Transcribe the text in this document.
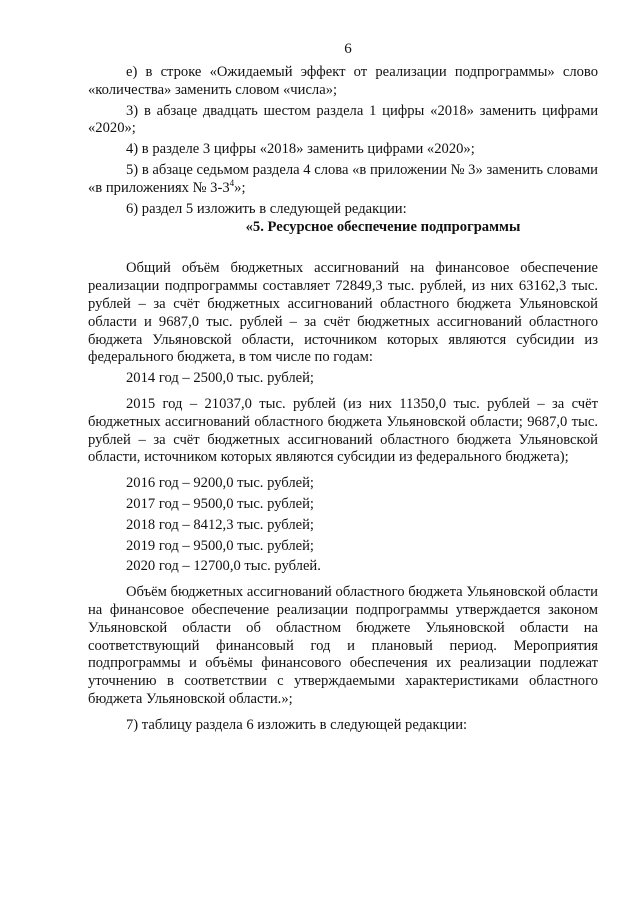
6

е) в строке «Ожидаемый эффект от реализации подпрограммы» слово «количества» заменить словом «числа»;

3) в абзаце двадцать шестом раздела 1 цифры «2018» заменить цифрами «2020»;

4) в разделе 3 цифры «2018» заменить цифрами «2020»;

5) в абзаце седьмом раздела 4 слова «в приложении № 3» заменить словами «в приложениях № $3-3^4$»;

6) раздел 5 изложить в следующей редакции:

«5. Ресурсное обеспечение подпрограммы

Общий объём бюджетных ассигнований на финансовое обеспечение реализации подпрограммы составляет 72849,3 тыс. рублей, из них 63162,3 тыс. рублей – за счёт бюджетных ассигнований областного бюджета Ульяновской области и 9687,0 тыс. рублей – за счёт бюджетных ассигнований областного бюджета Ульяновской области, источником которых являются субсидии из федерального бюджета, в том числе по годам:

2014 год – 2500,0 тыс. рублей;

2015 год – 21037,0 тыс. рублей (из них 11350,0 тыс. рублей – за счёт бюджетных ассигнований областного бюджета Ульяновской области; 9687,0 тыс. рублей – за счёт бюджетных ассигнований областного бюджета Ульяновской области, источником которых являются субсидии из федерального бюджета);

2016 год – 9200,0 тыс. рублей;

2017 год – 9500,0 тыс. рублей;

2018 год – 8412,3 тыс. рублей;

2019 год – 9500,0 тыс. рублей;

2020 год – 12700,0 тыс. рублей.

Объём бюджетных ассигнований областного бюджета Ульяновской области на финансовое обеспечение реализации подпрограммы утверждается законом Ульяновской области об областном бюджете Ульяновской области на соответствующий финансовый год и плановый период. Мероприятия подпрограммы и объёмы финансового обеспечения их реализации подлежат уточнению в соответствии с утверждаемыми характеристиками областного бюджета Ульяновской области.»;

7) таблицу раздела 6 изложить в следующей редакции:
